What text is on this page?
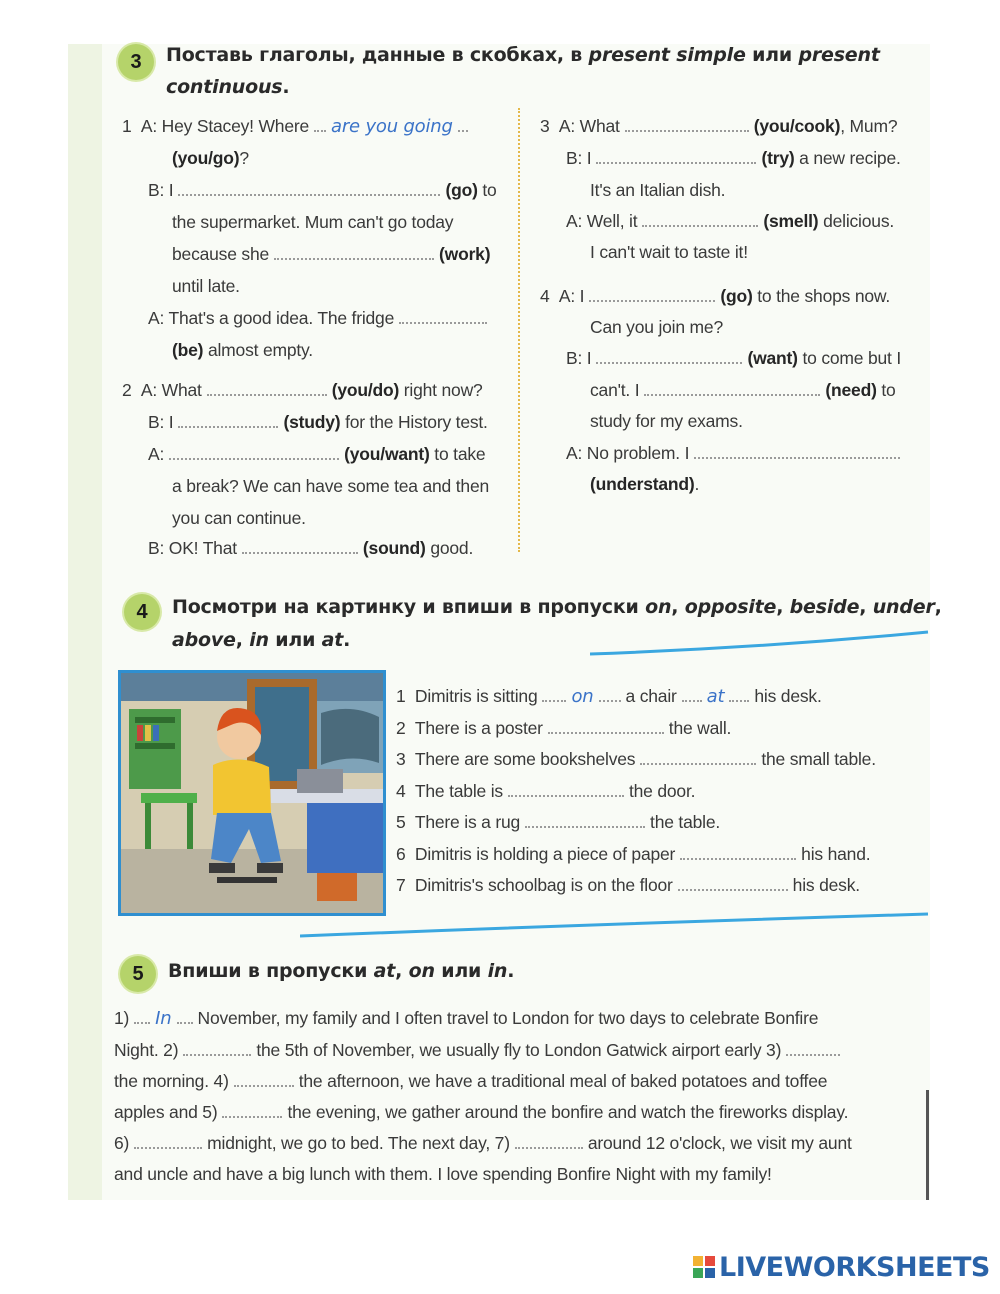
3	Поставь глаголы, данные в скобках, в present simple или present
continuous.
1 A: Hey Stacey! Where are you going
(you/go)?
B: I	(go) to
the supermarket. Mum can't go today
because she	(work)
until late.
A: That's a good idea. The fridge
(be) almost empty.
2 A: What	(you/do) right now?
B: I	(study) for the History test.
A:	(you/want) to take
a break? We can have some tea and then
you can continue.
B: OK! That	(sound) good.
3 A: What	(you/cook), Mum?
B: I	(try) a new recipe.
It's an Italian dish.
A: Well, it	(smell) delicious.
I can't wait to taste it!
4 A: I	(go) to the shops now.
Can you join me?
B: I	(want) to come but I
can't. I	(need) to
study for my exams.
A: No problem. I
(understand).
4	Посмотри на картинку и впиши в пропуски on, opposite, beside, under,
above, in или at.
1 Dimitris is sitting on a chair at his desk.
2 There is a poster	the wall.
3 There are some bookshelves	the small table.
4 The table is	the door.
5 There is a rug	the table.
6 Dimitris is holding a piece of paper	his hand.
7 Dimitris's schoolbag is on the floor	his desk.
5	Впиши в пропуски at, on или in.
1) In November, my family and I often travel to London for two days to celebrate Bonfire
Night. 2)	the 5th of November, we usually fly to London Gatwick airport early 3)
the morning. 4)	the afternoon, we have a traditional meal of baked potatoes and toffee
apples and 5)	the evening, we gather around the bonfire and watch the fireworks display.
6)	midnight, we go to bed. The next day, 7)	around 12 o'clock, we visit my aunt
and uncle and have a big lunch with them. I love spending Bonfire Night with my family!
LIVEWORKSHEETS
